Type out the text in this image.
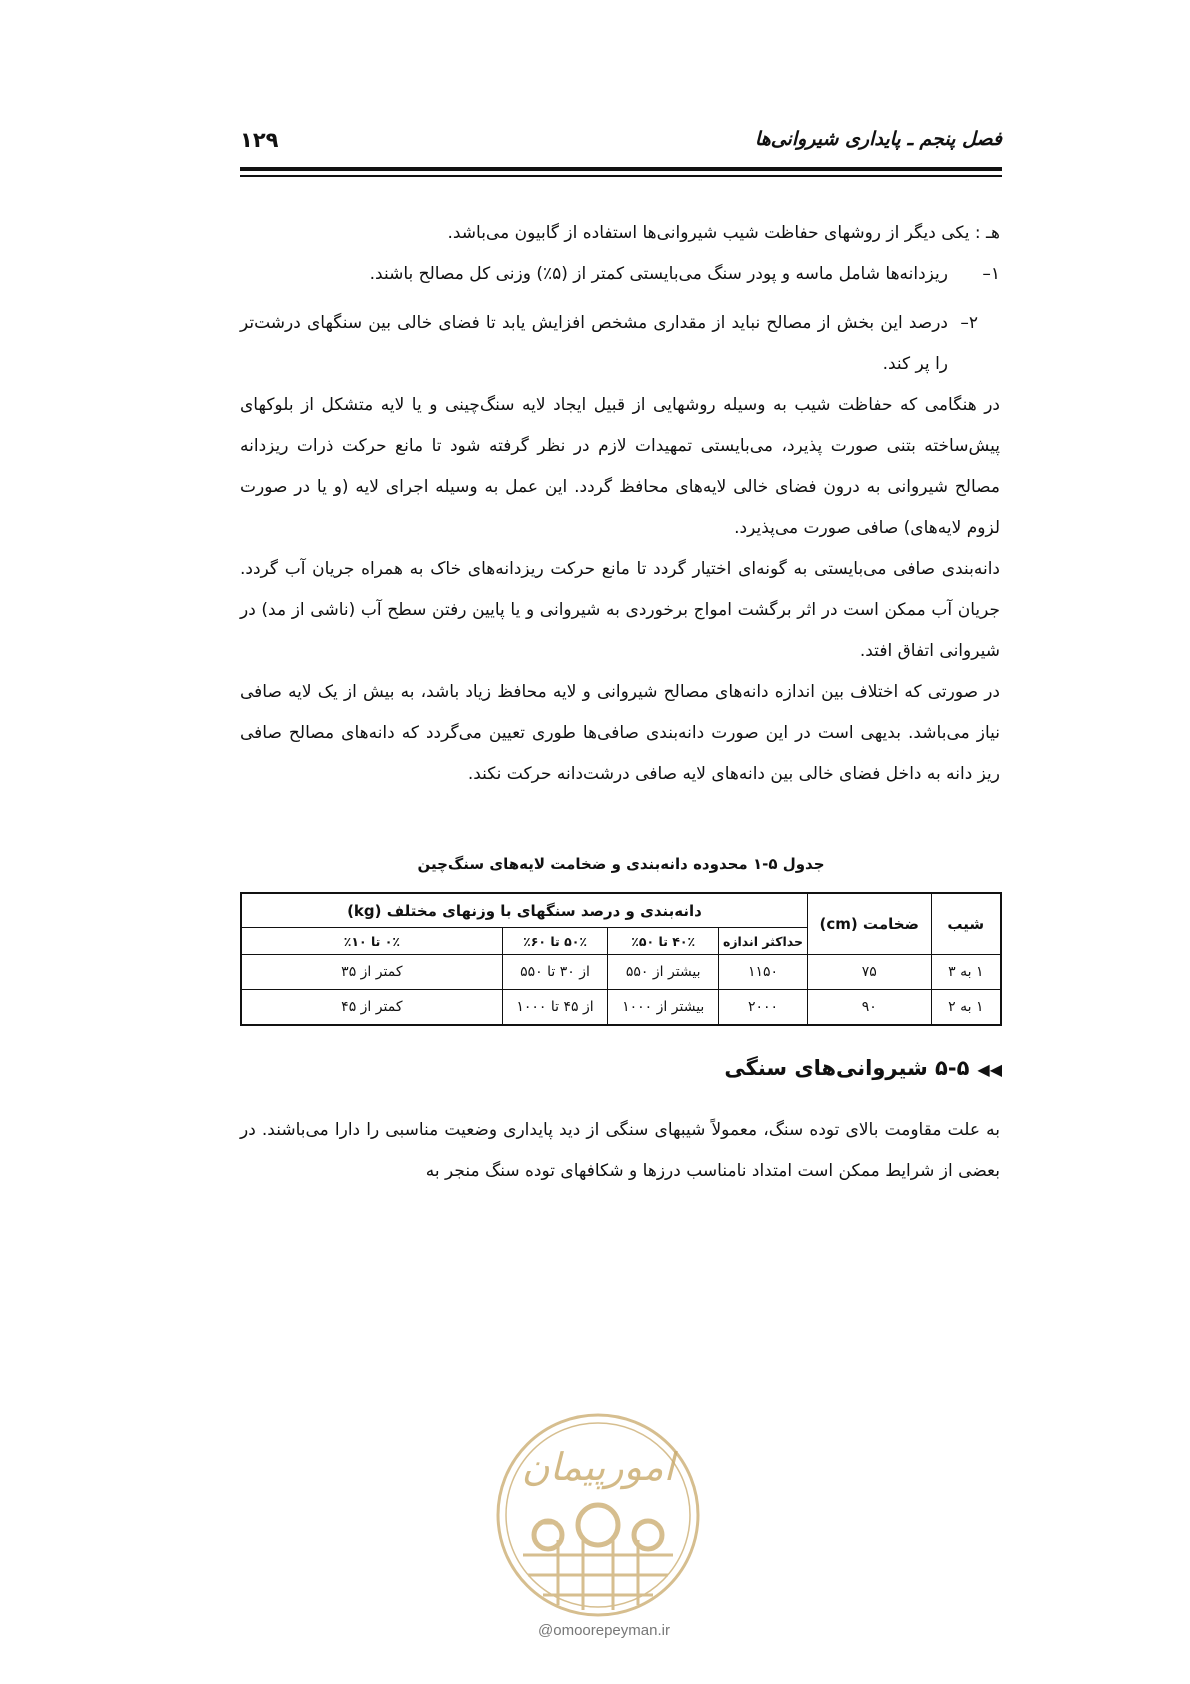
فصل پنجم ـ پایداری شیروانی‌ها
۱۲۹
هـ : یکی دیگر از روشهای حفاظت شیب شیروانی‌ها استفاده از گابیون می‌باشد.
۱–ریزدانه‌ها شامل ماسه و پودر سنگ می‌بایستی کمتر از (۵٪) وزنی کل مصالح باشند.
۲–
درصد این بخش از مصالح نباید از مقداری مشخص افزایش یابد تا فضای خالی بین سنگهای درشت‌تر را پر کند.
در هنگامی که حفاظت شیب به وسیله روشهایی از قبیل ایجاد لایه سنگ‌چینی و یا لایه متشکل از بلوکهای پیش‌ساخته بتنی صورت پذیرد، می‌بایستی تمهیدات لازم در نظر گرفته شود تا مانع حرکت ذرات ریزدانه مصالح شیروانی به درون فضای خالی لایه‌های محافظ گردد. این عمل به وسیله اجرای لایه (و یا در صورت لزوم لایه‌های) صافی صورت می‌پذیرد.
دانه‌بندی صافی می‌بایستی به گونه‌ای اختیار گردد تا مانع حرکت ریزدانه‌های خاک به همراه جریان آب گردد. جریان آب ممکن است در اثر برگشت امواج برخوردی به شیروانی و یا پایین رفتن سطح آب (ناشی از مد) در شیروانی اتفاق افتد.
در صورتی که اختلاف بین اندازه دانه‌های مصالح شیروانی و لایه محافظ زیاد باشد، به بیش از یک لایه صافی نیاز می‌باشد. بدیهی است در این صورت دانه‌بندی صافی‌ها طوری تعیین می‌گردد که دانه‌های مصالح صافی ریز دانه به داخل فضای خالی بین دانه‌های لایه صافی درشت‌دانه حرکت نکند.
جدول ۵-۱ محدوده دانه‌بندی و ضخامت لایه‌های سنگ‌چین
شیب	ضخامت (cm)	دانه‌بندی و درصد سنگهای با وزنهای مختلف (kg)			
		حداکثر اندازه	۴۰٪ تا ۵۰٪	۵۰٪ تا ۶۰٪	۰٪ تا ۱۰٪
۱ به ۳	۷۵	۱۱۵۰	بیشتر از ۵۵۰	از ۳۰ تا ۵۵۰	کمتر از ۳۵
۱ به ۲	۹۰	۲۰۰۰	بیشتر از ۱۰۰۰	از ۴۵ تا ۱۰۰۰	کمتر از ۴۵
◀◀۵-۵ شیروانی‌های سنگی
به علت مقاومت بالای توده سنگ، معمولاً شیبهای سنگی از دید پایداری وضعیت مناسبی را دارا می‌باشند. در بعضی از شرایط ممکن است امتداد نامناسب درزها و شکافهای توده سنگ منجر به
امورپیمان
@omoorepeyman.ir
